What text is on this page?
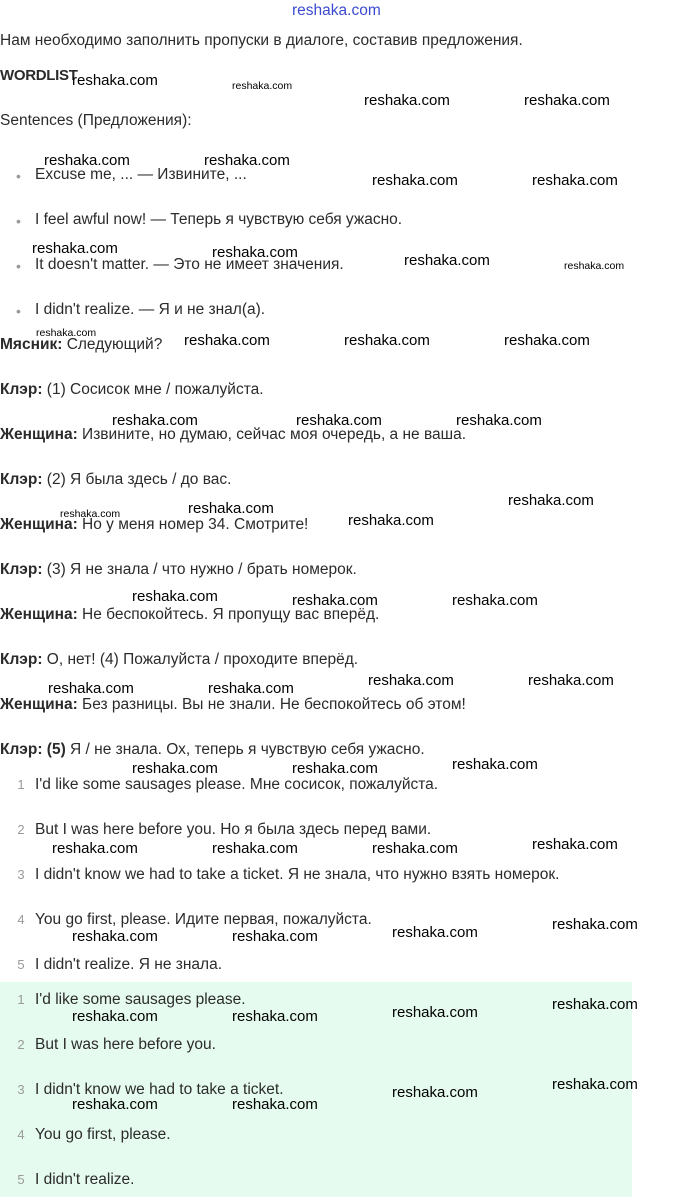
reshaka.com
Нам необходимо заполнить пропуски в диалоге, составив предложения.
WORDLIST
Sentences (Предложения):
• Excuse me, ... — Извините, ...
• I feel awful now! — Теперь я чувствую себя ужасно.
• It doesn't matter. — Это не имеет значения.
• I didn't realize. — Я и не знал(а).
Мясник: Следующий?
Клэр: (1) Сосисок мне / пожалуйста.
Женщина: Извините, но думаю, сейчас моя очередь, а не ваша.
Клэр: (2) Я была здесь / до вас.
Женщина: Но у меня номер 34. Смотрите!
Клэр: (3) Я не знала / что нужно / брать номерок.
Женщина: Не беспокойтесь. Я пропущу вас вперёд.
Клэр: О, нет! (4) Пожалуйста / проходите вперёд.
Женщина: Без разницы. Вы не знали. Не беспокойтесь об этом!
Клэр: (5) Я / не знала. Ох, теперь я чувствую себя ужасно.
1 I'd like some sausages please. Мне сосисок, пожалуйста.
2 But I was here before you. Но я была здесь перед вами.
3 I didn't know we had to take a ticket. Я не знала, что нужно взять номерок.
4 You go first, please. Идите первая, пожалуйста.
5 I didn't realize. Я не знала.
1 I'd like some sausages please.
2 But I was here before you.
3 I didn't know we had to take a ticket.
4 You go first, please.
5 I didn't realize.
reshaka.com	reshaka.com
reshaka.com	reshaka.com
reshaka.com	reshaka.com
reshaka.com	reshaka.com
reshaka.com	reshaka.com	reshaka.com	reshaka.com
reshaka.com	reshaka.com	reshaka.com	reshaka.com
reshaka.com	reshaka.com	reshaka.com
reshaka.com
reshaka.com	reshaka.com
reshaka.com
reshaka.com	reshaka.com	reshaka.com
reshaka.com	reshaka.com
reshaka.com	reshaka.com
reshaka.com
reshaka.com	reshaka.com
reshaka.com
reshaka.com	reshaka.com	reshaka.com
reshaka.com
reshaka.com
reshaka.com	reshaka.com
reshaka.com
reshaka.com
reshaka.com	reshaka.com
reshaka.com
reshaka.com
reshaka.com	reshaka.com
